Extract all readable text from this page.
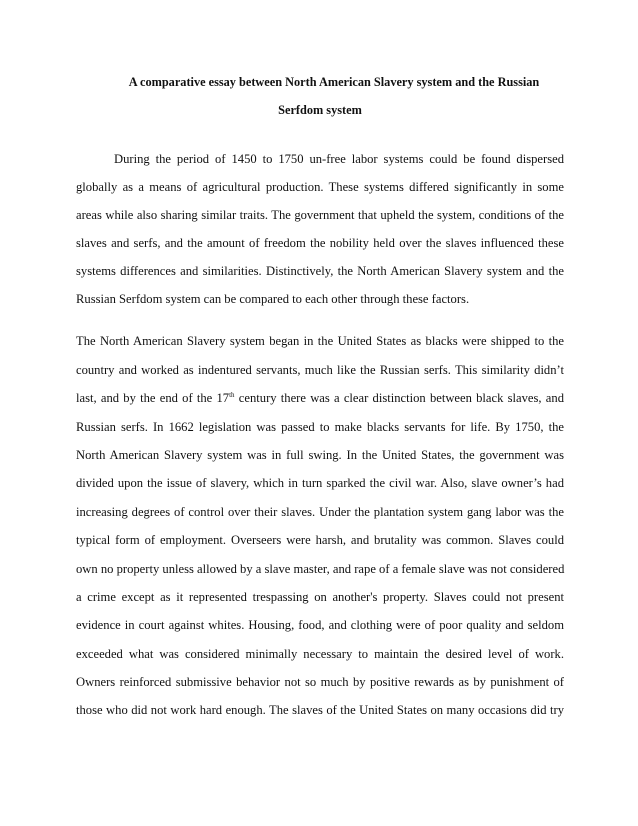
A comparative essay between North American Slavery system and the Russian
Serfdom system
During the period of 1450 to 1750 un-free labor systems could be found dispersed
globally as a means of agricultural production. These systems differed significantly in some
areas while also sharing similar traits. The government that upheld the system, conditions of the
slaves and serfs, and the amount of freedom the nobility held over the slaves influenced these
systems differences and similarities. Distinctively, the North American Slavery system and the
Russian Serfdom system can be compared to each other through these factors.
The North American Slavery system began in the United States as blacks were shipped to the
country and worked as indentured servants, much like the Russian serfs. This similarity didn’t
last, and by the end of the 17th century there was a clear distinction between black slaves, and
Russian serfs. In 1662 legislation was passed to make blacks servants for life. By 1750, the
North American Slavery system was in full swing. In the United States, the government was
divided upon the issue of slavery, which in turn sparked the civil war. Also, slave owner’s had
increasing degrees of control over their slaves. Under the plantation system gang labor was the
typical form of employment. Overseers were harsh, and brutality was common. Slaves could
own no property unless allowed by a slave master, and rape of a female slave was not considered
a crime except as it represented trespassing on another's property. Slaves could not present
evidence in court against whites. Housing, food, and clothing were of poor quality and seldom
exceeded what was considered minimally necessary to maintain the desired level of work.
Owners reinforced submissive behavior not so much by positive rewards as by punishment of
those who did not work hard enough. The slaves of the United States on many occasions did try
